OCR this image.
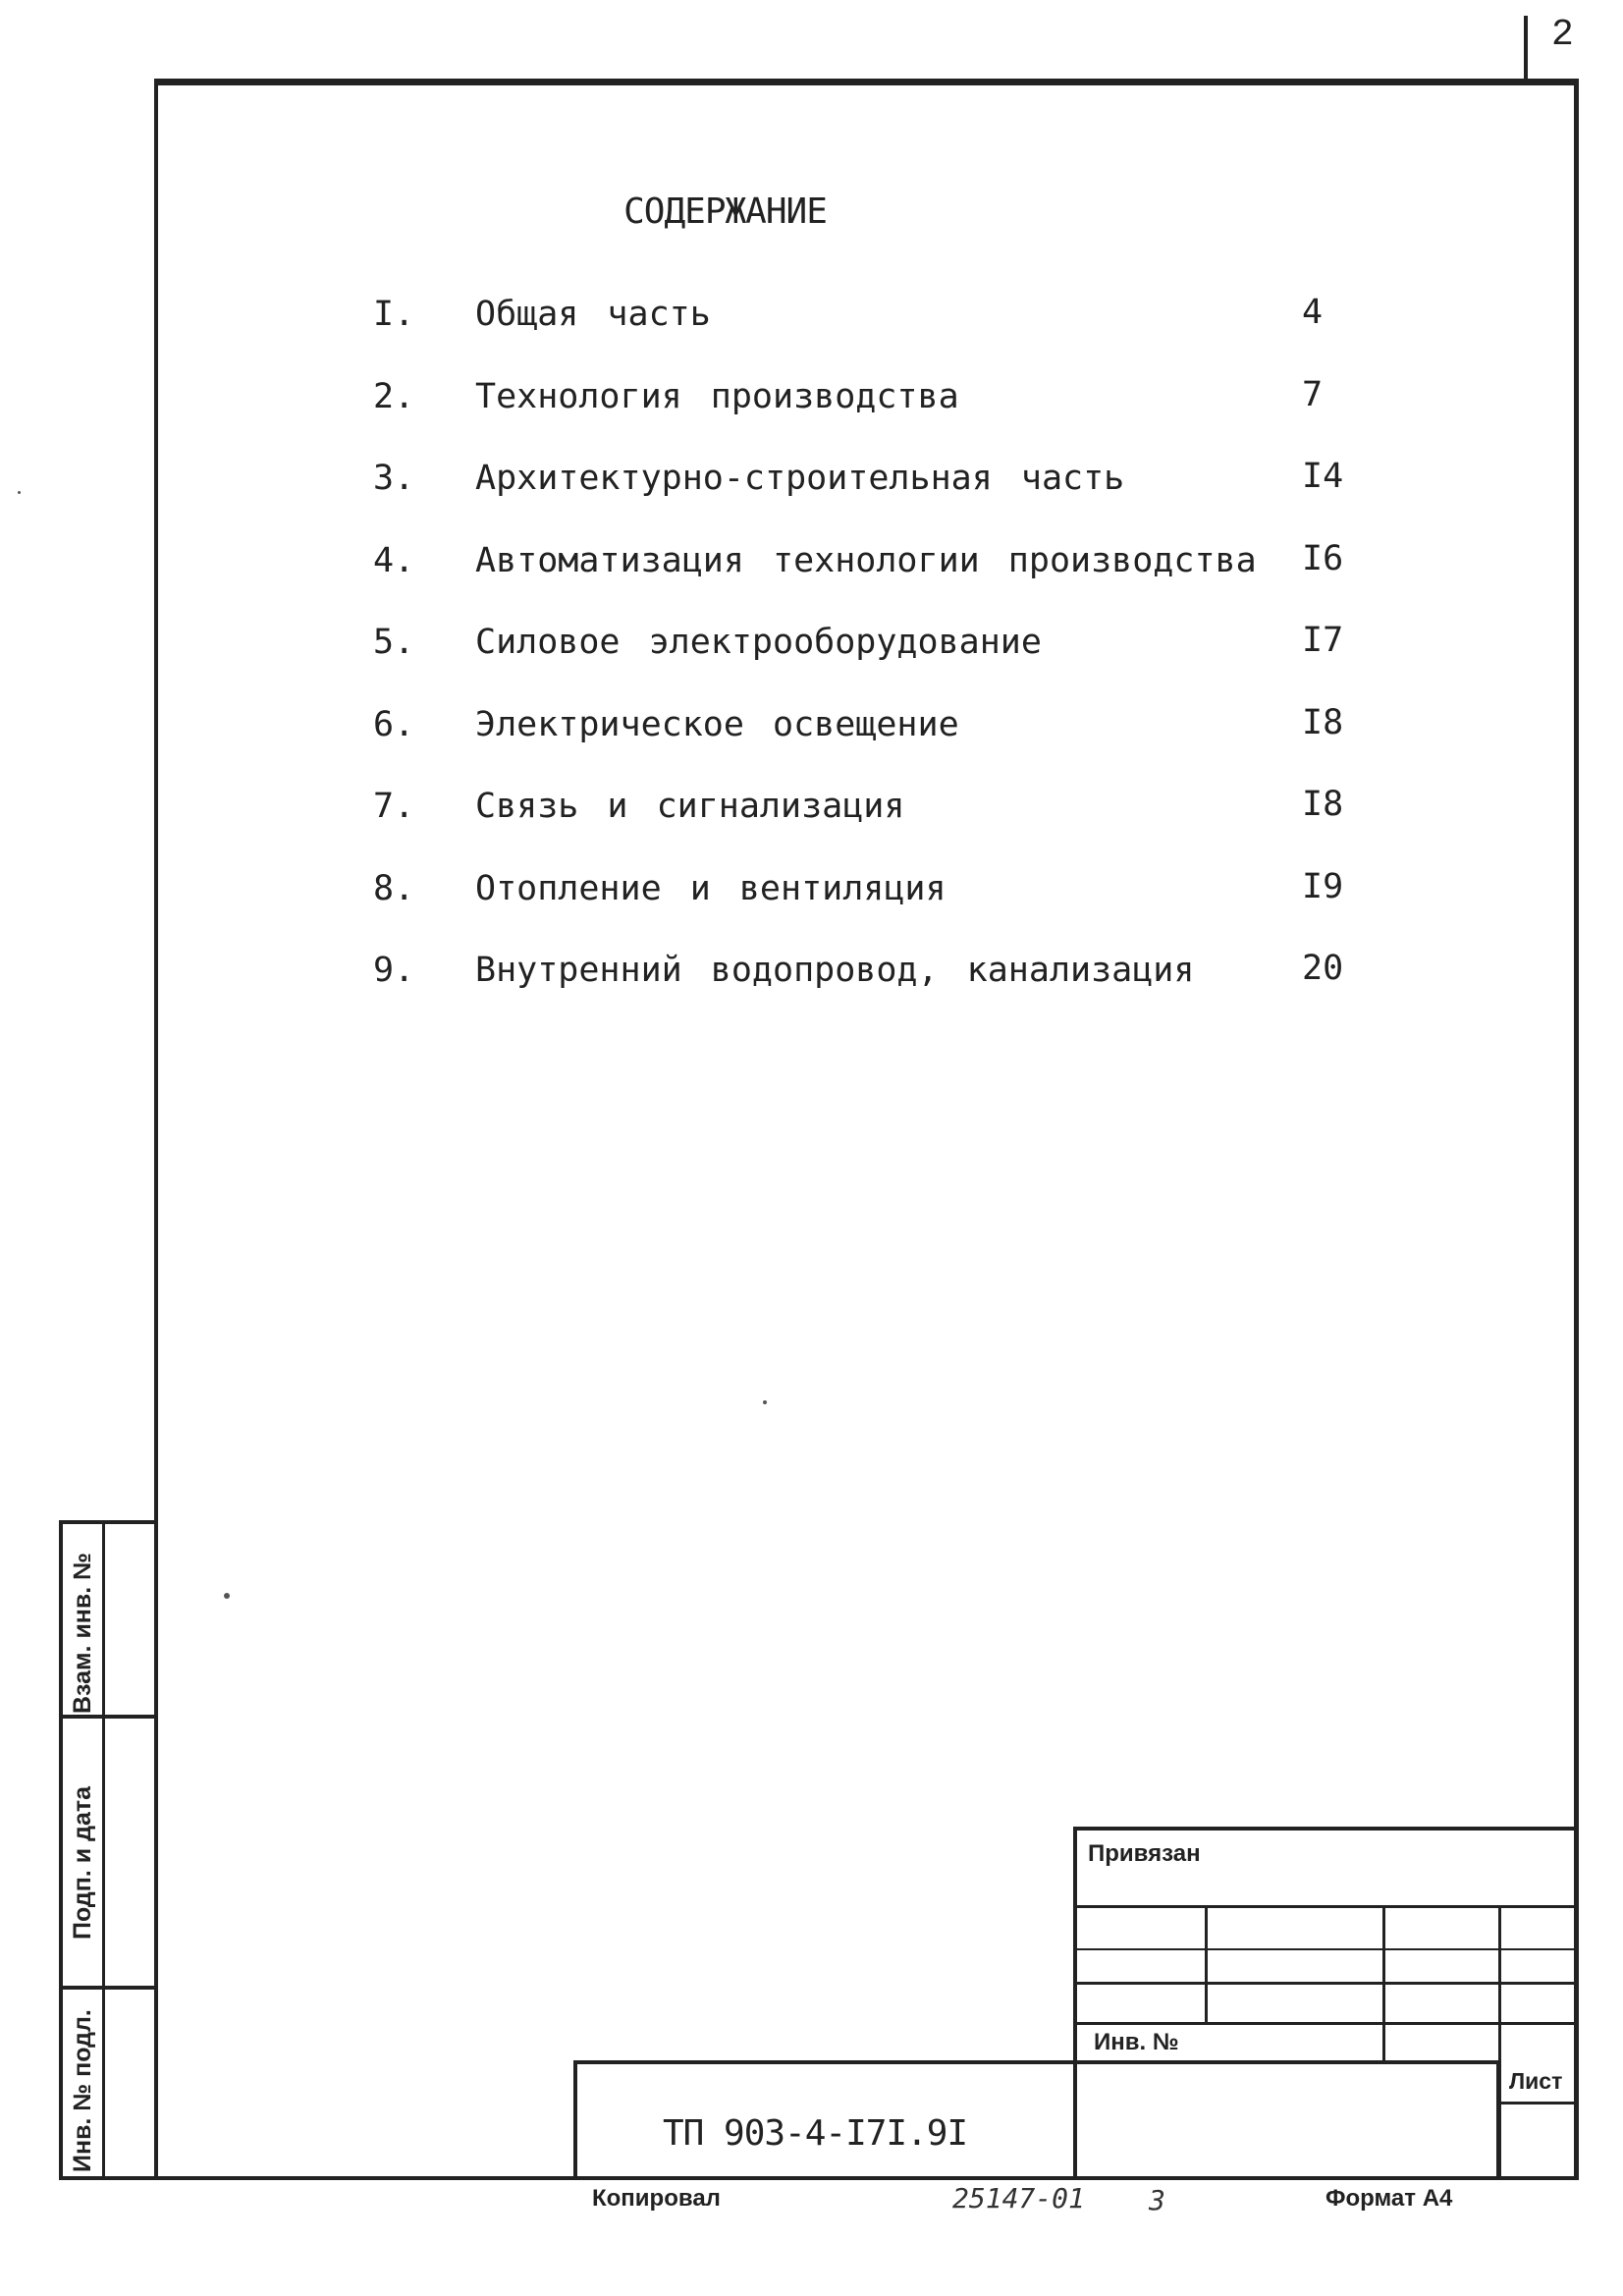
2
СОДЕРЖАНИЕ
I. Общая часть	4
2. Технология производства	7
3. Архитектурно-строительная часть	I4
4. Автоматизация технологии производства I6
5. Силовое электрооборудование	I7
6. Электрическое освещение	I8
7. Связь и сигнализация	I8
8. Отопление и вентиляция	I9
9. Внутренний водопровод, канализация	20
Взам. инв. №
Подп. и дата
Инв. № подл.
Привязан
Инв. №
Лист
ТП 903-4-I7I.9I
Копировал	25147-01 3	Формат А4
